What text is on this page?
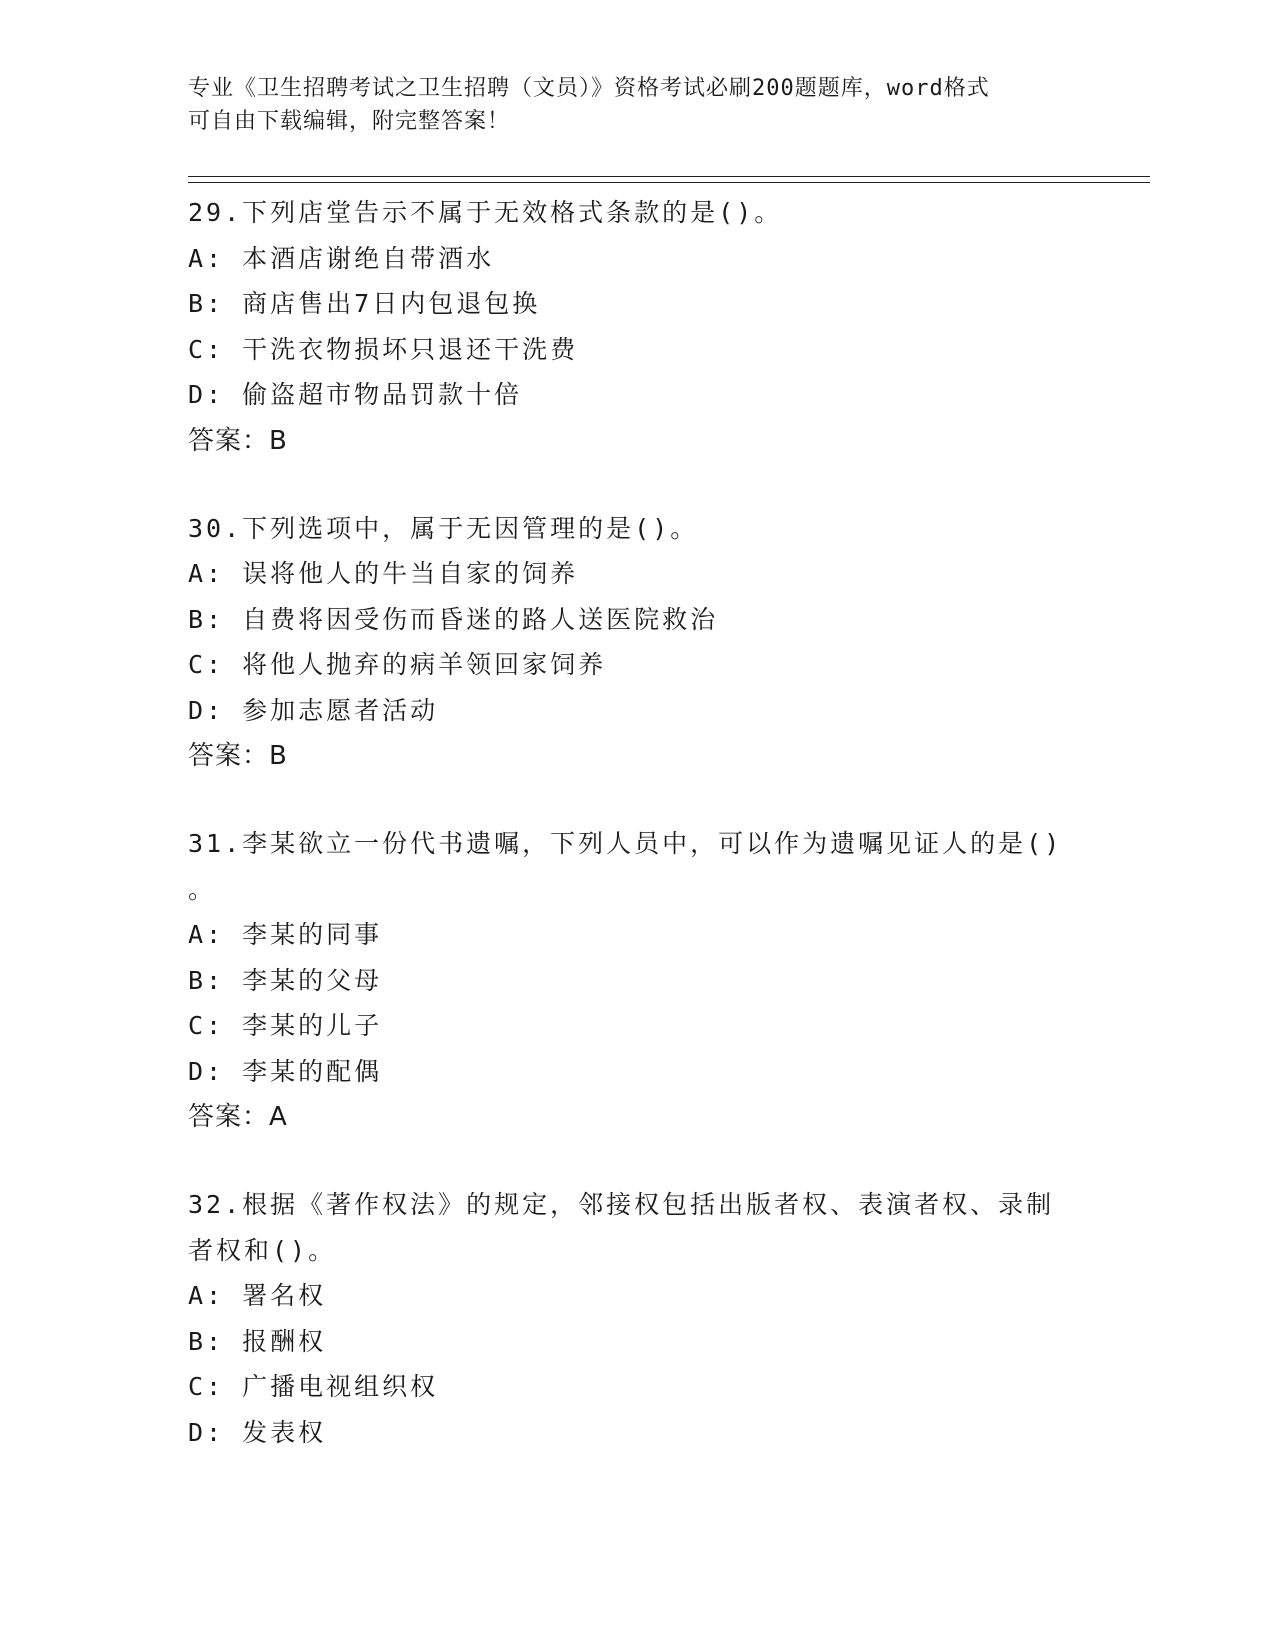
专业《卫生招聘考试之卫生招聘（文员）》资格考试必刷200题题库，word格式
可自由下载编辑，附完整答案！
29.下列店堂告示不属于无效格式条款的是()。
A: 本酒店谢绝自带酒水
B: 商店售出7日内包退包换
C: 干洗衣物损坏只退还干洗费
D: 偷盗超市物品罚款十倍
答案：B
30.下列选项中，属于无因管理的是()。
A: 误将他人的牛当自家的饲养
B: 自费将因受伤而昏迷的路人送医院救治
C: 将他人抛弃的病羊领回家饲养
D: 参加志愿者活动
答案：B
31.李某欲立一份代书遗嘱，下列人员中，可以作为遗嘱见证人的是()
。
A: 李某的同事
B: 李某的父母
C: 李某的儿子
D: 李某的配偶
答案：A
32.根据《著作权法》的规定，邻接权包括出版者权、表演者权、录制
者权和()。
A: 署名权
B: 报酬权
C: 广播电视组织权
D: 发表权
